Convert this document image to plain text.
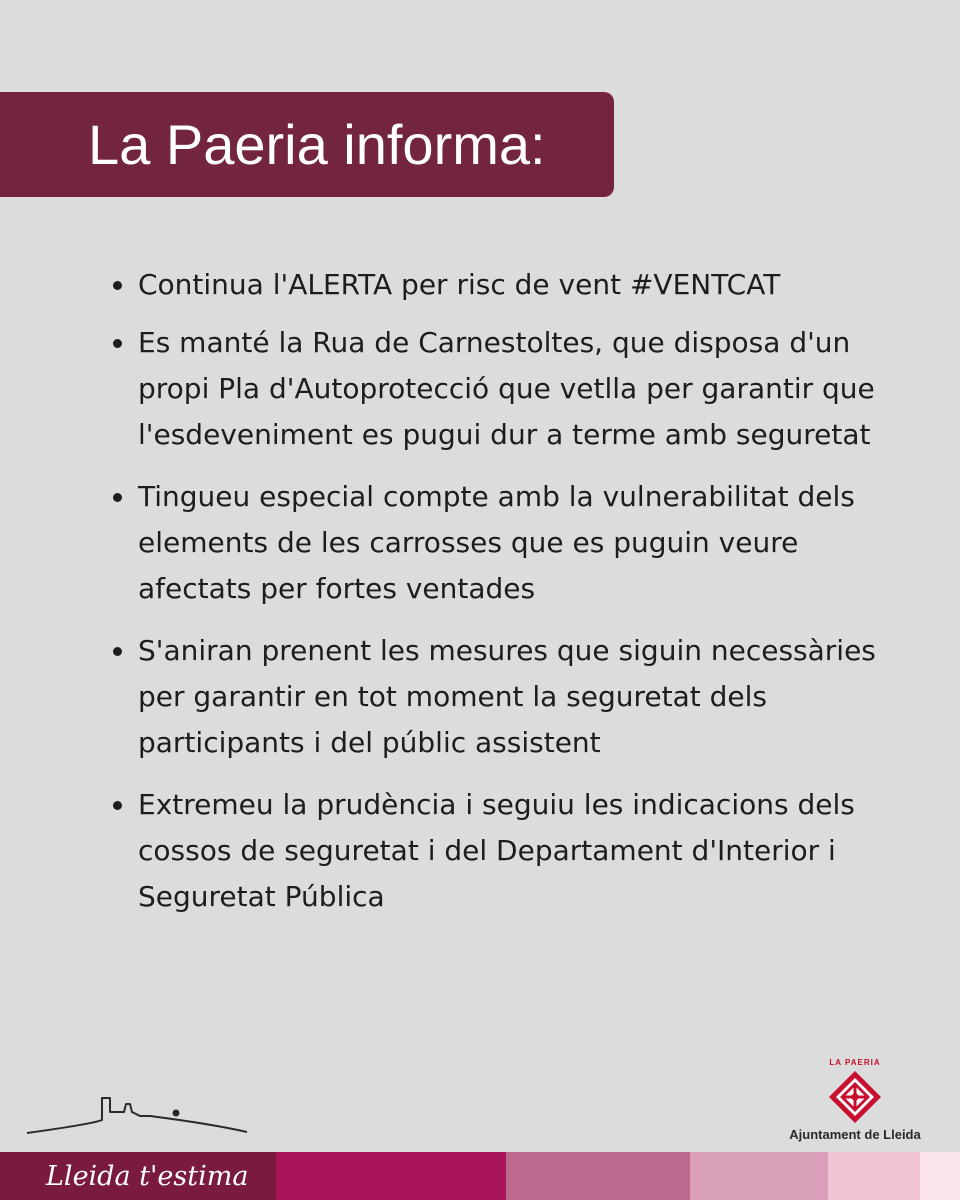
La Paeria informa:
Continua l'ALERTA per risc de vent #VENTCAT
Es manté la Rua de Carnestoltes, que disposa d'un propi Pla d'Autoprotecció que vetlla per garantir que l'esdeveniment es pugui dur a terme amb seguretat
Tingueu especial compte amb la vulnerabilitat dels elements de les carrosses que es puguin veure afectats per fortes ventades
S'aniran prenent les mesures que siguin necessàries per garantir en tot moment la seguretat dels participants i del públic assistent
Extremeu la prudència i seguiu les indicacions dels cossos de seguretat i del Departament d'Interior i Seguretat Pública
LA PAERIA
Ajuntament de Lleida
Lleida t'estima
